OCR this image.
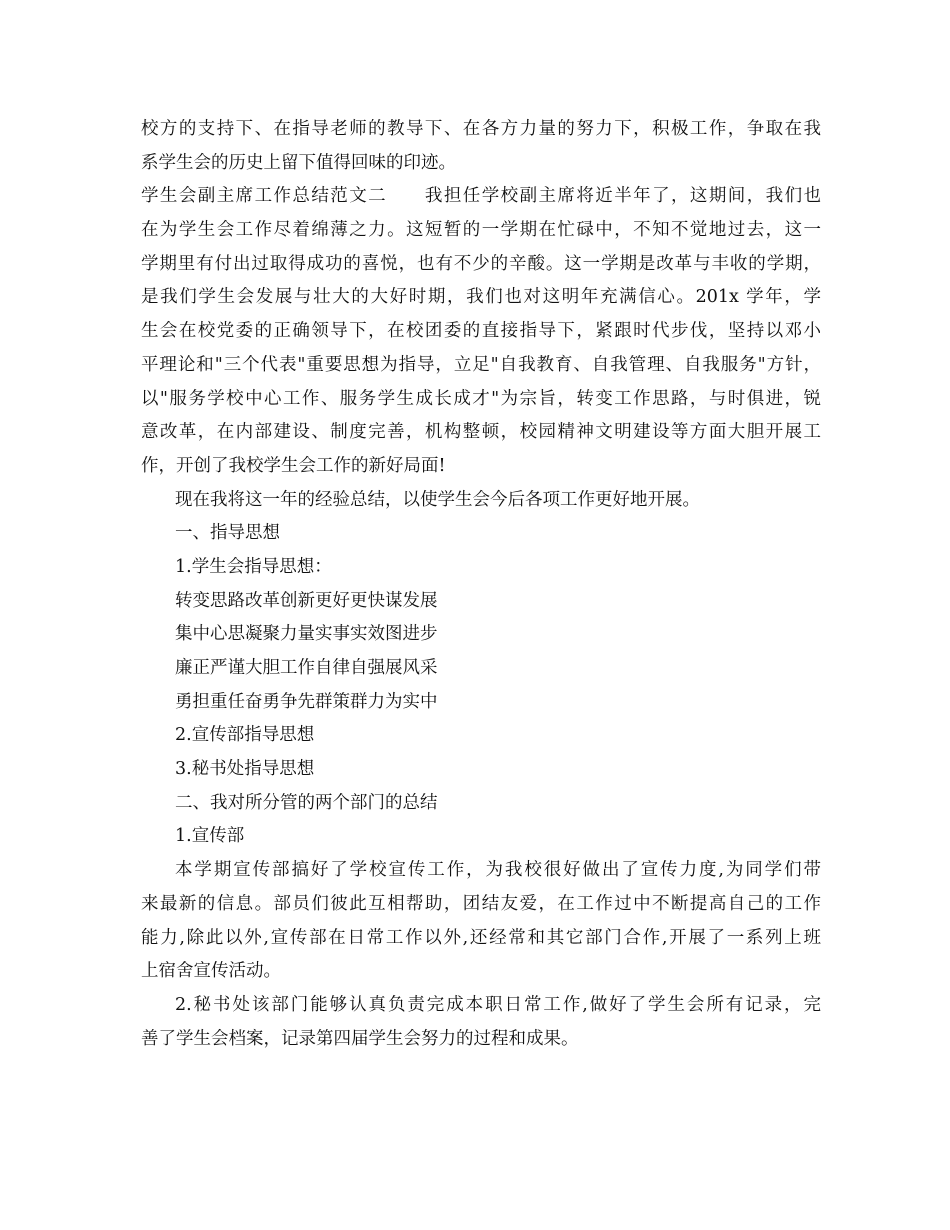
校方的支持下、在指导老师的教导下、在各方力量的努力下，积极工作，争取在我
系学生会的历史上留下值得回味的印迹。
学生会副主席工作总结范文二　　我担任学校副主席将近半年了，这期间，我们也
在为学生会工作尽着绵薄之力。这短暂的一学期在忙碌中，不知不觉地过去，这一
学期里有付出过取得成功的喜悦，也有不少的辛酸。这一学期是改革与丰收的学期，
是我们学生会发展与壮大的大好时期，我们也对这明年充满信心。201x 学年，学
生会在校党委的正确领导下，在校团委的直接指导下，紧跟时代步伐，坚持以邓小
平理论和"三个代表"重要思想为指导，立足"自我教育、自我管理、自我服务"方针，
以"服务学校中心工作、服务学生成长成才"为宗旨，转变工作思路，与时俱进，锐
意改革，在内部建设、制度完善，机构整顿，校园精神文明建设等方面大胆开展工
作，开创了我校学生会工作的新好局面!
现在我将这一年的经验总结，以使学生会今后各项工作更好地开展。
一、指导思想
1.学生会指导思想：
转变思路改革创新更好更快谋发展
集中心思凝聚力量实事实效图进步
廉正严谨大胆工作自律自强展风采
勇担重任奋勇争先群策群力为实中
2.宣传部指导思想
3.秘书处指导思想
二、我对所分管的两个部门的总结
1.宣传部
本学期宣传部搞好了学校宣传工作，为我校很好做出了宣传力度,为同学们带
来最新的信息。部员们彼此互相帮助，团结友爱，在工作过中不断提高自己的工作
能力,除此以外,宣传部在日常工作以外,还经常和其它部门合作,开展了一系列上班
上宿舍宣传活动。
2.秘书处该部门能够认真负责完成本职日常工作,做好了学生会所有记录，完
善了学生会档案，记录第四届学生会努力的过程和成果。
